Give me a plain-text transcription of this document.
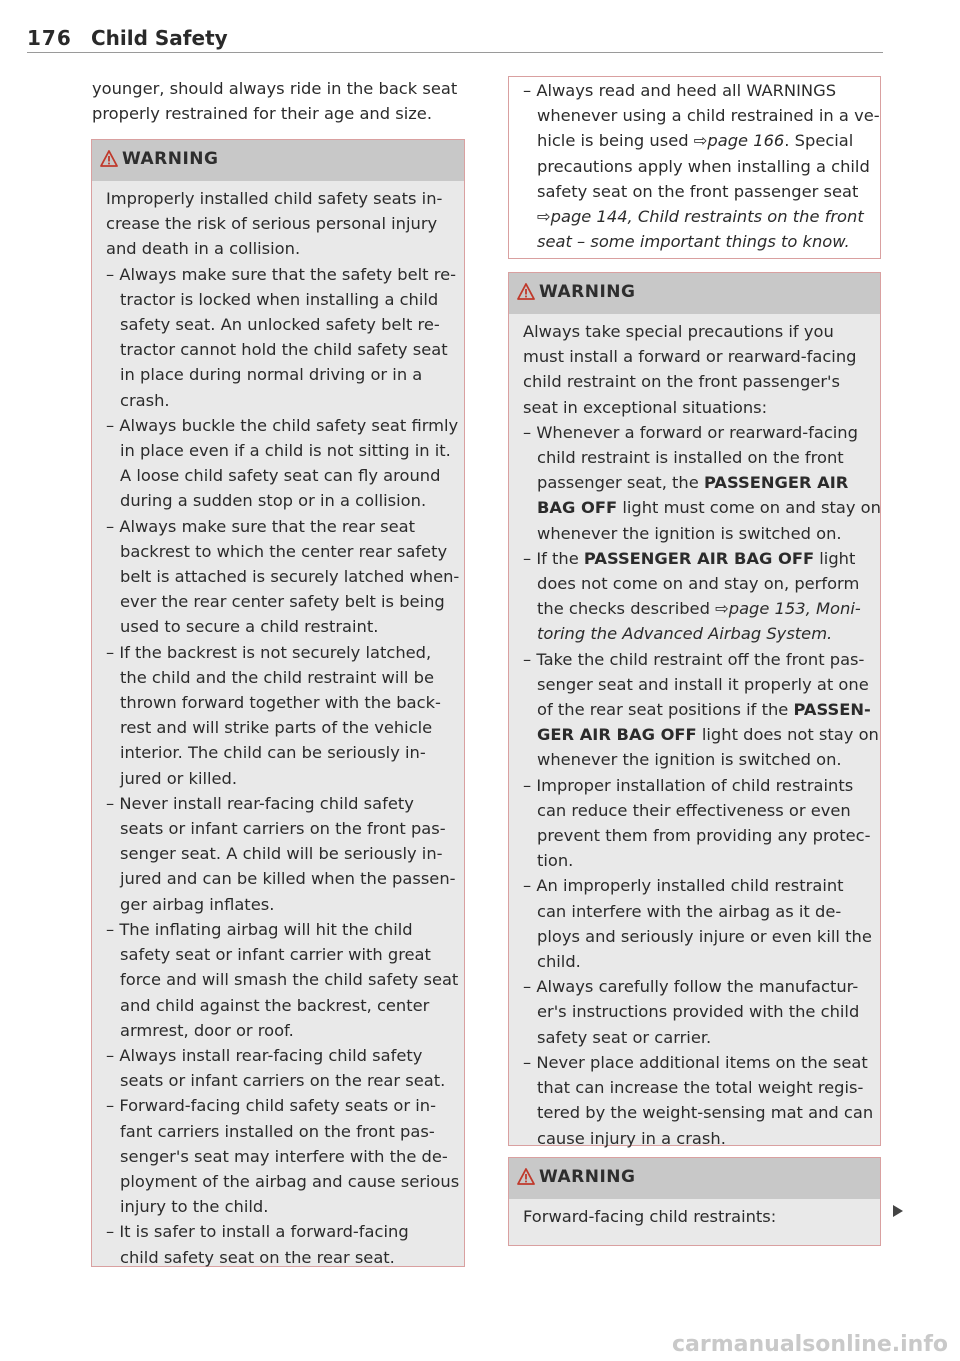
176 Child Safety
younger, should always ride in the back seat
properly restrained for their age and size.
WARNING
Improperly installed child safety seats in-
crease the risk of serious personal injury
and death in a collision.
– Always make sure that the safety belt re-
tractor is locked when installing a child
safety seat. An unlocked safety belt re-
tractor cannot hold the child safety seat
in place during normal driving or in a
crash.
– Always buckle the child safety seat firmly
in place even if a child is not sitting in it.
A loose child safety seat can fly around
during a sudden stop or in a collision.
– Always make sure that the rear seat
backrest to which the center rear safety
belt is attached is securely latched when-
ever the rear center safety belt is being
used to secure a child restraint.
– If the backrest is not securely latched,
the child and the child restraint will be
thrown forward together with the back-
rest and will strike parts of the vehicle
interior. The child can be seriously in-
jured or killed.
– Never install rear-facing child safety
seats or infant carriers on the front pas-
senger seat. A child will be seriously in-
jured and can be killed when the passen-
ger airbag inflates.
– The inflating airbag will hit the child
safety seat or infant carrier with great
force and will smash the child safety seat
and child against the backrest, center
armrest, door or roof.
– Always install rear-facing child safety
seats or infant carriers on the rear seat.
– Forward-facing child safety seats or in-
fant carriers installed on the front pas-
senger's seat may interfere with the de-
ployment of the airbag and cause serious
injury to the child.
– It is safer to install a forward-facing
child safety seat on the rear seat.
– Always read and heed all WARNINGS
whenever using a child restrained in a ve-
hicle is being used ⇨page 166. Special
precautions apply when installing a child
safety seat on the front passenger seat
⇨page 144, Child restraints on the front
seat – some important things to know.
WARNING
Always take special precautions if you
must install a forward or rearward-facing
child restraint on the front passenger's
seat in exceptional situations:
– Whenever a forward or rearward-facing
child restraint is installed on the front
passenger seat, the PASSENGER AIR
BAG OFF light must come on and stay on
whenever the ignition is switched on.
– If the PASSENGER AIR BAG OFF light
does not come on and stay on, perform
the checks described ⇨page 153, Moni-
toring the Advanced Airbag System.
– Take the child restraint off the front pas-
senger seat and install it properly at one
of the rear seat positions if the PASSEN-
GER AIR BAG OFF light does not stay on
whenever the ignition is switched on.
– Improper installation of child restraints
can reduce their effectiveness or even
prevent them from providing any protec-
tion.
– An improperly installed child restraint
can interfere with the airbag as it de-
ploys and seriously injure or even kill the
child.
– Always carefully follow the manufactur-
er's instructions provided with the child
safety seat or carrier.
– Never place additional items on the seat
that can increase the total weight regis-
tered by the weight-sensing mat and can
cause injury in a crash.
WARNING
Forward-facing child restraints:
carmanualsonline.info
